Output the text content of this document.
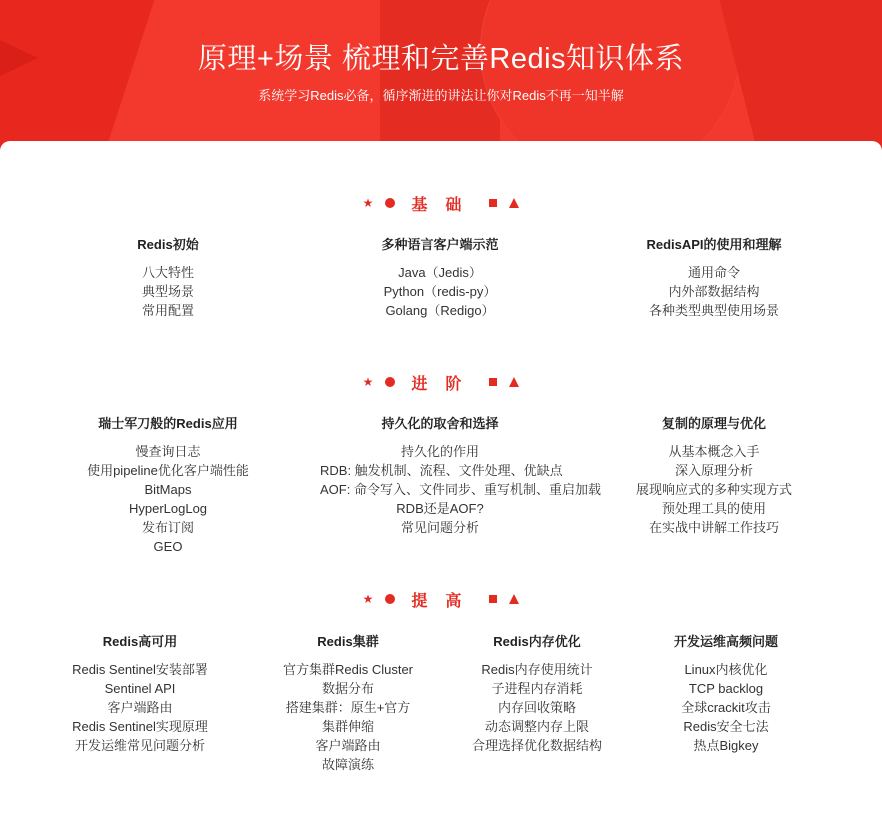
原理+场景 梳理和完善Redis知识体系

系统学习Redis必备，循序渐进的讲法让你对Redis不再一知半解

★ 基础
Redis初始
八大特性
典型场景
常用配置
多种语言客户端示范
Java（Jedis）
Python（redis-py）
Golang（Redigo）
RedisAPI的使用和理解
通用命令
内外部数据结构
各种类型典型使用场景
★ 进阶
瑞士军刀般的Redis应用
慢查询日志
使用pipeline优化客户端性能
BitMaps
HyperLogLog
发布订阅
GEO
持久化的取舍和选择
持久化的作用
RDB: 触发机制、流程、文件处理、优缺点
AOF: 命令写入、文件同步、重写机制、重启加载
RDB还是AOF?
常见问题分析
复制的原理与优化
从基本概念入手
深入原理分析
展现响应式的多种实现方式
预处理工具的使用
在实战中讲解工作技巧
★ 提高
Redis高可用
Redis Sentinel安装部署
Sentinel API
客户端路由
Redis Sentinel实现原理
开发运维常见问题分析
Redis集群
官方集群Redis Cluster
数据分布
搭建集群：原生+官方
集群伸缩
客户端路由
故障演练
Redis内存优化
Redis内存使用统计
子进程内存消耗
内存回收策略
动态调整内存上限
合理选择优化数据结构
开发运维高频问题
Linux内核优化
TCP backlog
全球crackit攻击
Redis安全七法
热点Bigkey
